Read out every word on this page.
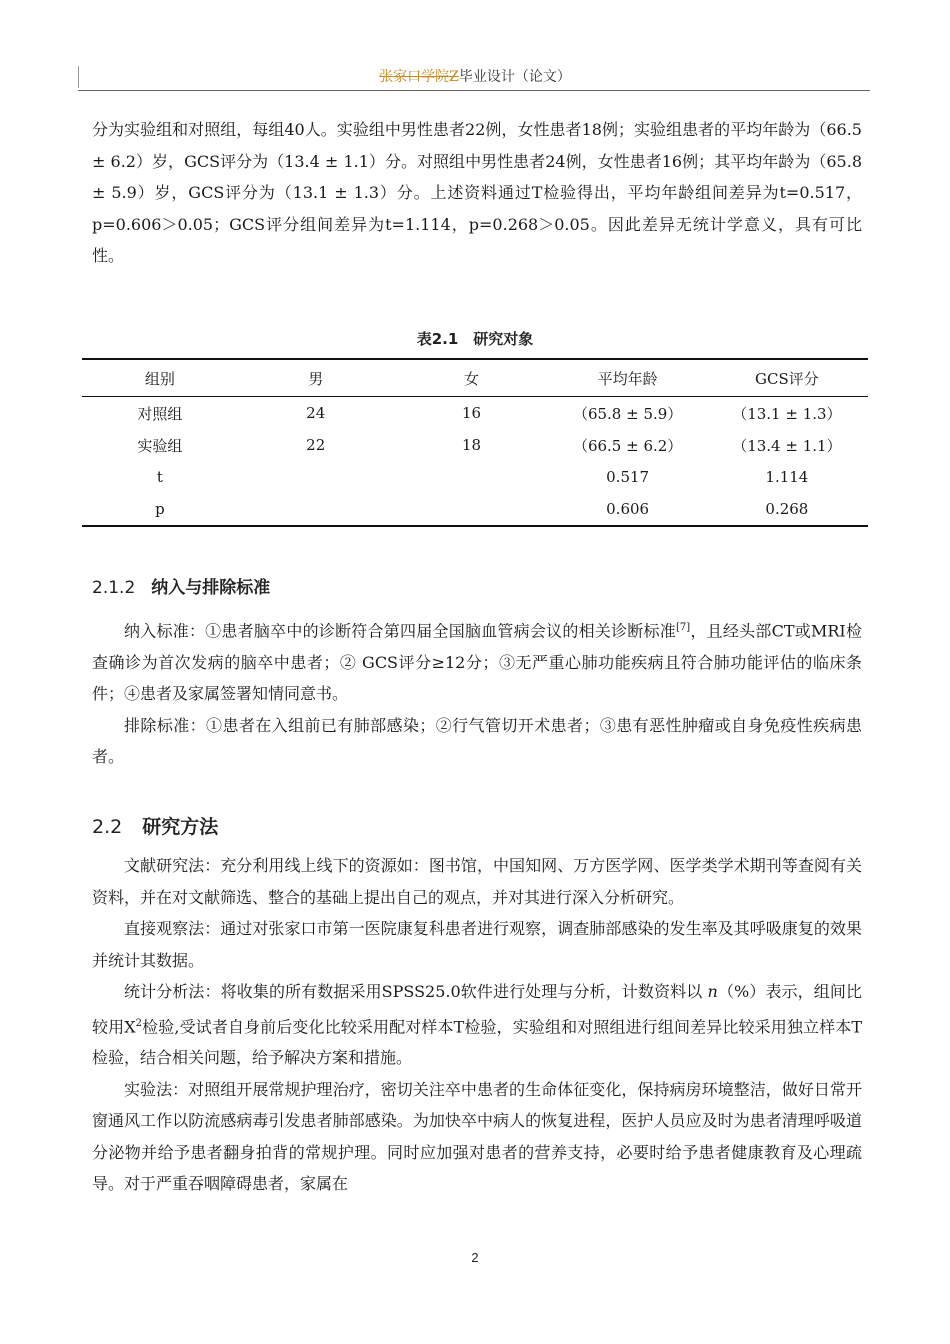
张家口学院Z毕业设计（论文）

分为实验组和对照组，每组40人。实验组中男性患者22例，女性患者18例；实验组患者的平均年龄为（66.5 ± 6.2）岁，GCS评分为（13.4 ± 1.1）分。对照组中男性患者24例，女性患者16例；其平均年龄为（65.8 ± 5.9）岁，GCS评分为（13.1 ± 1.3）分。上述资料通过T检验得出，平均年龄组间差异为t=0.517，p=0.606＞0.05；GCS评分组间差异为t=1.114，p=0.268＞0.05。因此差异无统计学意义，具有可比性。

表2.1　研究对象
组别	男	女	平均年龄	GCS评分
对照组	24	16	（65.8 ± 5.9）	（13.1 ± 1.3）
实验组	22	18	（66.5 ± 6.2）	（13.4 ± 1.1）
t			0.517	1.114
p			0.606	0.268
2.1.2 纳入与排除标准

纳入标准：①患者脑卒中的诊断符合第四届全国脑血管病会议的相关诊断标准[7]，且经头部CT或MRI检查确诊为首次发病的脑卒中患者；② GCS评分≥12分；③无严重心肺功能疾病且符合肺功能评估的临床条件；④患者及家属签署知情同意书。

排除标准：①患者在入组前已有肺部感染；②行气管切开术患者；③患有恶性肿瘤或自身免疫性疾病患者。

2.2 研究方法

文献研究法：充分利用线上线下的资源如：图书馆，中国知网、万方医学网、医学类学术期刊等查阅有关资料，并在对文献筛选、整合的基础上提出自己的观点，并对其进行深入分析研究。

直接观察法：通过对张家口市第一医院康复科患者进行观察，调查肺部感染的发生率及其呼吸康复的效果并统计其数据。

统计分析法：将收集的所有数据采用SPSS25.0软件进行处理与分析，计数资料以 n（%）表示，组间比较用$X^2$检验,受试者自身前后变化比较采用配对样本T检验，实验组和对照组进行组间差异比较采用独立样本T检验，结合相关问题，给予解决方案和措施。

实验法：对照组开展常规护理治疗，密切关注卒中患者的生命体征变化，保持病房环境整洁，做好日常开窗通风工作以防流感病毒引发患者肺部感染。为加快卒中病人的恢复进程，医护人员应及时为患者清理呼吸道分泌物并给予患者翻身拍背的常规护理。同时应加强对患者的营养支持，必要时给予患者健康教育及心理疏导。对于严重吞咽障碍患者，家属在

2
